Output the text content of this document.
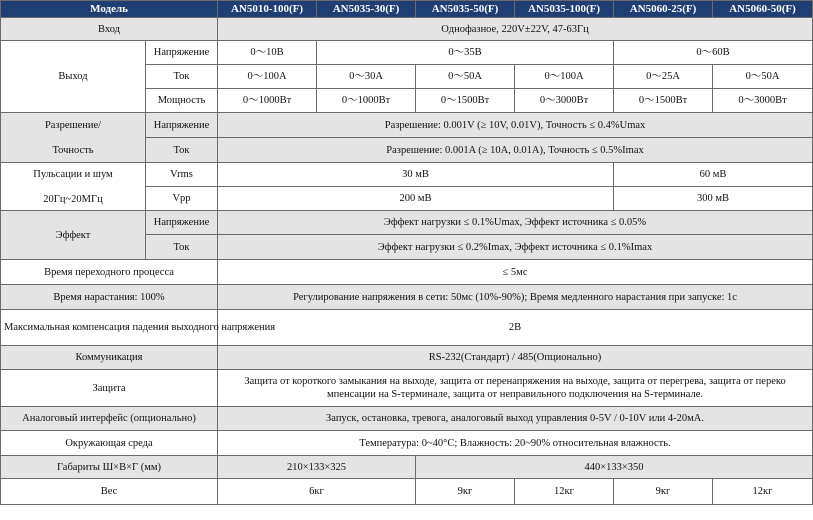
Модель		AN5010-100(F)	AN5035-30(F)	AN5035-50(F)	AN5035-100(F)	AN5060-25(F)	AN5060-50(F)
Вход		Однофазное, 220V±22V, 47-63Гц					
Выход	Напряжение	0～10В	0～35В			0～60В	
	Ток	0～100A	0～30A	0～50A	0～100A	0～25A	0～50A
	Мощность	0～1000Вт	0～1000Вт	0～1500Вт	0～3000Вт	0～1500Вт	0～3000Вт

Разрешение/
Точность	Напряжение	Разрешение: 0.001V (≥ 10V, 0.01V), Точность ≤ 0.4%Umax					
	Ток	Разрешение: 0.001A (≥ 10A, 0.01A), Точность ≤ 0.5%Imax					

Пульсации и шум
20Гц~20МГц	Vrms	30 мВ				60 мВ	
	Vpp	200 мВ				300 мВ	
Эффект	Напряжение	Эффект нагрузки ≤ 0.1%Umax, Эффект источника ≤ 0.05%					
	Ток	Эффект нагрузки ≤ 0.2%Imax, Эффект источника ≤ 0.1%Imax					
Время переходного процесса		≤ 5мс					
Время нарастания: 100%		Регулирование напряжения в сети: 50мс (10%-90%); Время медленного нарастания при запуске: 1с					
Максимальная компенсация падения выходного напряжения		2В					
Коммуникация		RS-232(Стандарт) / 485(Опционально)					
Защита		Защита от короткого замыкания на выходе, защита от перенапряжения на выходе, защита от перегрева, защита от переко
мпенсации на S-терминале, защита от неправильного подключения на S-терминале.					

Аналоговый интерфейс (опционально)		Запуск, остановка, тревога, аналоговый выход управления 0-5V / 0-10V или 4-20мА.					
Окружающая среда		Температура: 0~40°C; Влажность: 20~90% относительная влажность.					
Габариты Ш×В×Г (мм)		210×133×325		440×133×350			
Вес		6кг		9кг	12кг	9кг	12кг
